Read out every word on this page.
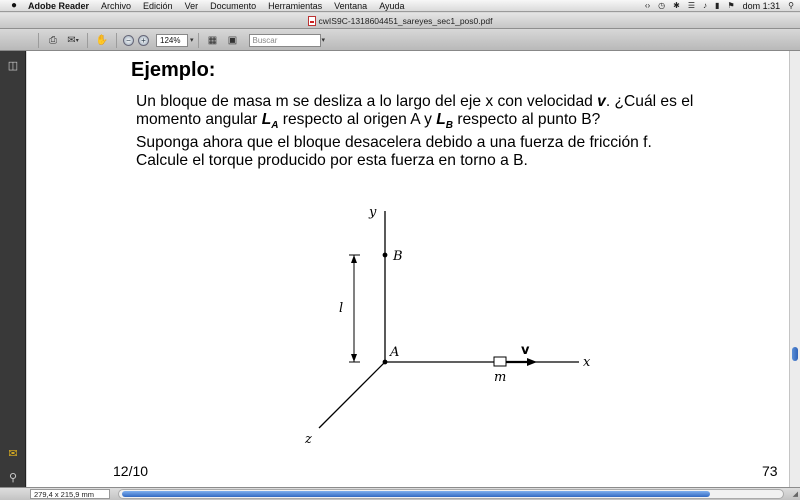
●	Adobe Reader	Archivo	Edición	Ver	Documento	Herramientas	Ventana	Ayuda	‹› ◷ ✱ ☰ ♪ ▮ ⚑ dom 1:31 ⚲
cwIS9C-1318604451_sareyes_sec1_pos0.pdf
⎙ ✉ ▾ ✋	−	+	124%	▾ ▦ ▣	Buscar	▾
◫
✉
⚲
Ejemplo:
Un bloque de masa m se desliza a lo largo del eje x con velocidad v. ¿Cuál es el
momento angular $L_A$ respecto al origen A y $L_B$ respecto al punto B?
Suponga ahora que el bloque desacelera debido a una fuerza de fricción f.
Calcule el torque producido por esta fuerza en torno a B.
y
B
l
A	v
x
m
z
12/10	73
279,4 x 215,9 mm	◢
